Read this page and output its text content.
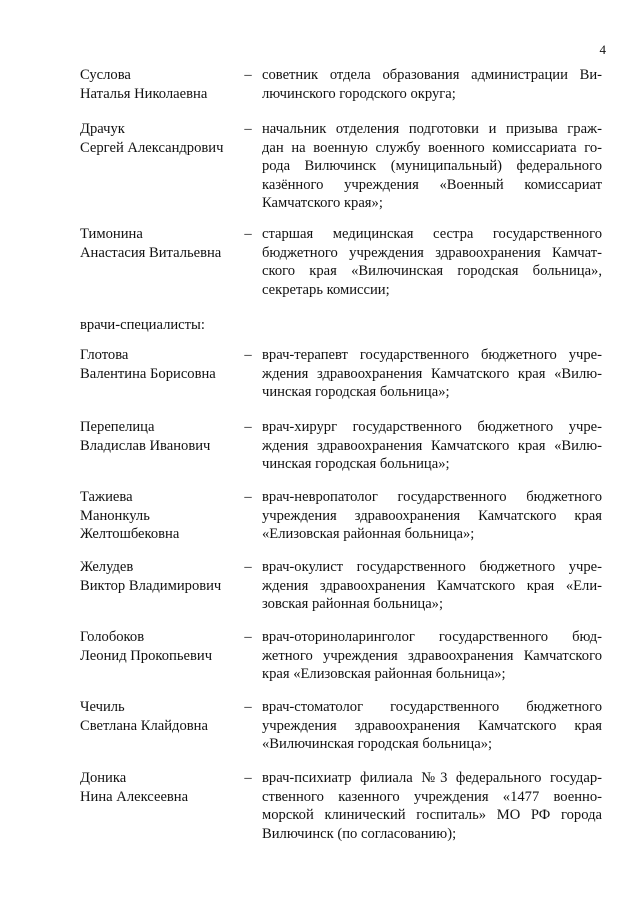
4
Суслова
Наталья Николаевна
– советник отдела образования администрации Ви-
лючинского городского округа;
Драчук
Сергей Александрович
– начальник отделения подготовки и призыва граж-
дан на военную службу военного комиссариата го-
рода Вилючинск (муниципальный) федерального
казённого учреждения «Военный комиссариат
Камчатского края»;
Тимонина
Анастасия Витальевна
– старшая медицинская сестра государственного
бюджетного учреждения здравоохранения Камчат-
ского края «Вилючинская городская больница»,
секретарь комиссии;
врачи-специалисты:
Глотова
Валентина Борисовна
– врач-терапевт государственного бюджетного учре-
ждения здравоохранения Камчатского края «Вилю-
чинская городская больница»;
Перепелица
Владислав Иванович
– врач-хирург государственного бюджетного учре-
ждения здравоохранения Камчатского края «Вилю-
чинская городская больница»;
Тажиева
Манонкуль
Желтошбековна
– врач-невропатолог государственного бюджетного
учреждения здравоохранения Камчатского края
«Елизовская районная больница»;
Желудев
Виктор Владимирович
– врач-окулист государственного бюджетного учре-
ждения здравоохранения Камчатского края «Ели-
зовская районная больница»;
Голобоков
Леонид Прокопьевич
– врач-оториноларинголог государственного бюд-
жетного учреждения здравоохранения Камчатского
края «Елизовская районная больница»;
Чечиль
Светлана Клайдовна
– врач-стоматолог государственного бюджетного
учреждения здравоохранения Камчатского края
«Вилючинская городская больница»;
Доника
Нина Алексеевна
– врач-психиатр филиала №3 федерального государ-
ственного казенного учреждения «1477 военно-
морской клинический госпиталь» МО РФ города
Вилючинск (по согласованию);
